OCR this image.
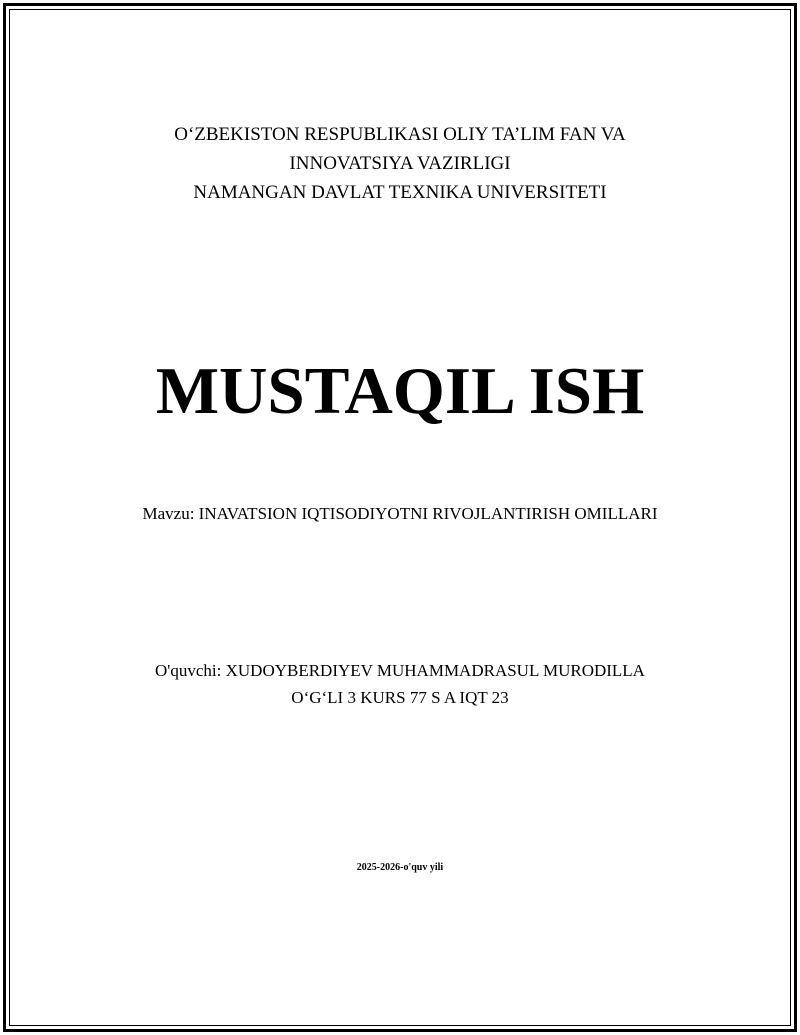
O‘ZBEKISTON RESPUBLIKASI OLIY TA’LIM FAN VA
INNOVATSIYA VAZIRLIGI
NAMANGAN DAVLAT TEXNIKA UNIVERSITETI
MUSTAQIL ISH
Mavzu: INAVATSION IQTISODIYOTNI RIVOJLANTIRISH OMILLARI
O'quvchi: XUDOYBERDIYEV MUHAMMADRASUL MURODILLA
O‘G‘LI 3 KURS 77 S A IQT 23
2025-2026-o'quv yili
